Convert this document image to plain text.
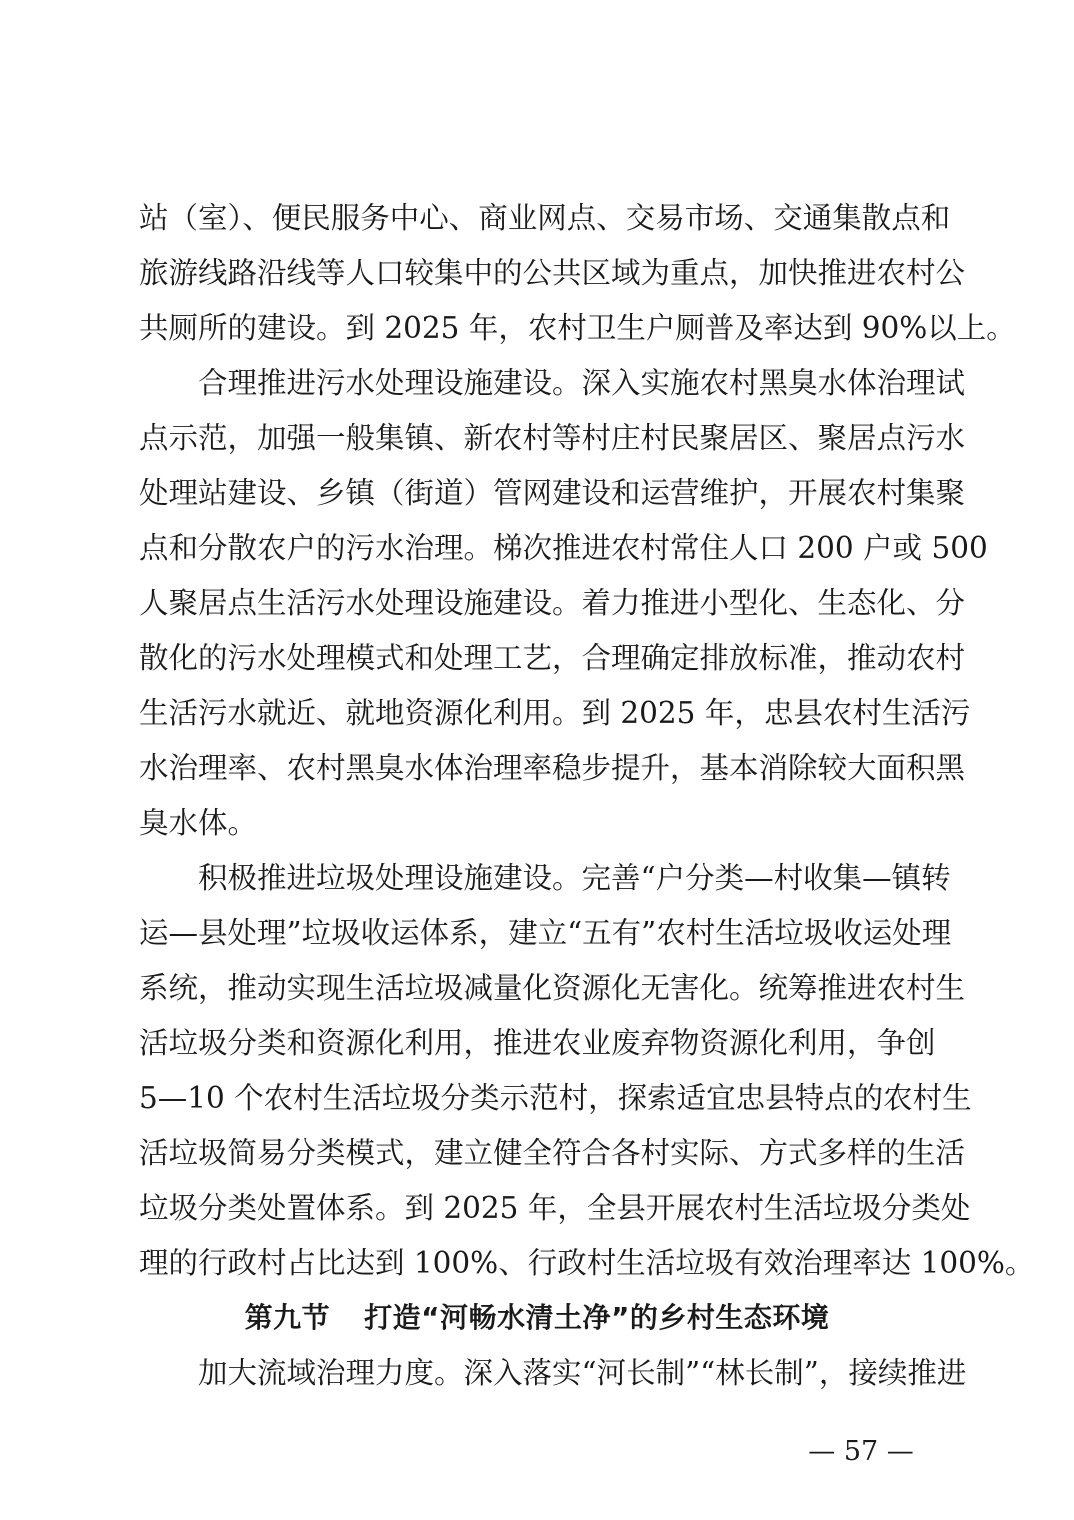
站（室）、便民服务中心、商业网点、交易市场、交通集散点和
旅游线路沿线等人口较集中的公共区域为重点，加快推进农村公
共厕所的建设。到 2025 年，农村卫生户厕普及率达到 90%以上。
合理推进污水处理设施建设。深入实施农村黑臭水体治理试
点示范，加强一般集镇、新农村等村庄村民聚居区、聚居点污水
处理站建设、乡镇（街道）管网建设和运营维护，开展农村集聚
点和分散农户的污水治理。梯次推进农村常住人口 200 户或 500
人聚居点生活污水处理设施建设。着力推进小型化、生态化、分
散化的污水处理模式和处理工艺，合理确定排放标准，推动农村
生活污水就近、就地资源化利用。到 2025 年，忠县农村生活污
水治理率、农村黑臭水体治理率稳步提升，基本消除较大面积黑
臭水体。
积极推进垃圾处理设施建设。完善“户分类—村收集—镇转
运—县处理”垃圾收运体系，建立“五有”农村生活垃圾收运处理
系统，推动实现生活垃圾减量化资源化无害化。统筹推进农村生
活垃圾分类和资源化利用，推进农业废弃物资源化利用，争创
5—10 个农村生活垃圾分类示范村，探索适宜忠县特点的农村生
活垃圾简易分类模式，建立健全符合各村实际、方式多样的生活
垃圾分类处置体系。到 2025 年，全县开展农村生活垃圾分类处
理的行政村占比达到 100%、行政村生活垃圾有效治理率达 100%。
第九节 打造“河畅水清土净”的乡村生态环境
加大流域治理力度。深入落实“河长制”“林长制”，接续推进
— 57 —
